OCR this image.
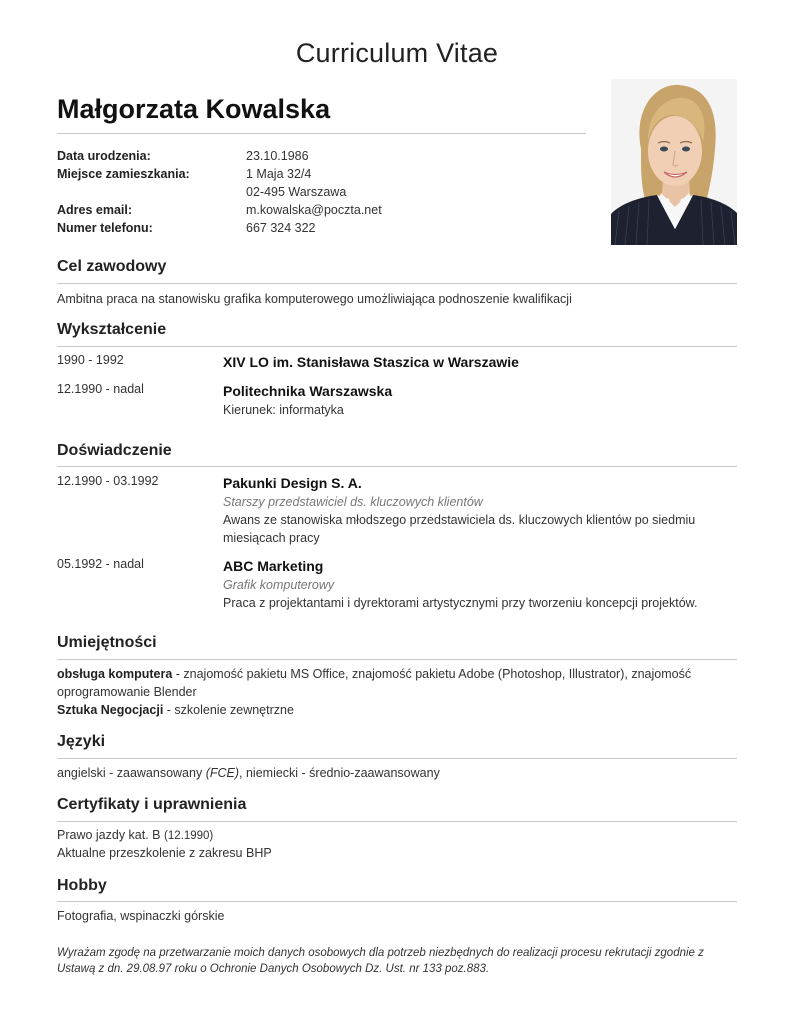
Curriculum Vitae
Małgorzata Kowalska
Data urodzenia:	23.10.1986
Miejsce zamieszkania:	1 Maja 32/4
02-495 Warszawa
Adres email:	m.kowalska@poczta.net
Numer telefonu:	667 324 322
Cel zawodowy
Ambitna praca na stanowisku grafika komputerowego umożliwiająca podnoszenie kwalifikacji
Wykształcenie
1990 - 1992	XIV LO im. Stanisława Staszica w Warszawie
12.1990 - nadal	Politechnika Warszawska
Kierunek: informatyka
Doświadczenie
12.1990 - 03.1992	Pakunki Design S. A.
Starszy przedstawiciel ds. kluczowych klientów
Awans ze stanowiska młodszego przedstawiciela ds. kluczowych klientów po siedmiu miesiącach pracy
05.1992 - nadal	ABC Marketing
Grafik komputerowy
Praca z projektantami i dyrektorami artystycznymi przy tworzeniu koncepcji projektów.
Umiejętności
obsługa komputera - znajomość pakietu MS Office, znajomość pakietu Adobe (Photoshop, Illustrator), znajomość oprogramowanie Blender
Sztuka Negocjacji - szkolenie zewnętrzne
Języki
angielski - zaawansowany (FCE), niemiecki - średnio-zaawansowany
Certyfikaty i uprawnienia
Prawo jazdy kat. B (12.1990)
Aktualne przeszkolenie z zakresu BHP
Hobby
Fotografia, wspinaczki górskie
Wyrażam zgodę na przetwarzanie moich danych osobowych dla potrzeb niezbędnych do realizacji procesu rekrutacji zgodnie z Ustawą z dn. 29.08.97 roku o Ochronie Danych Osobowych Dz. Ust. nr 133 poz.883.
